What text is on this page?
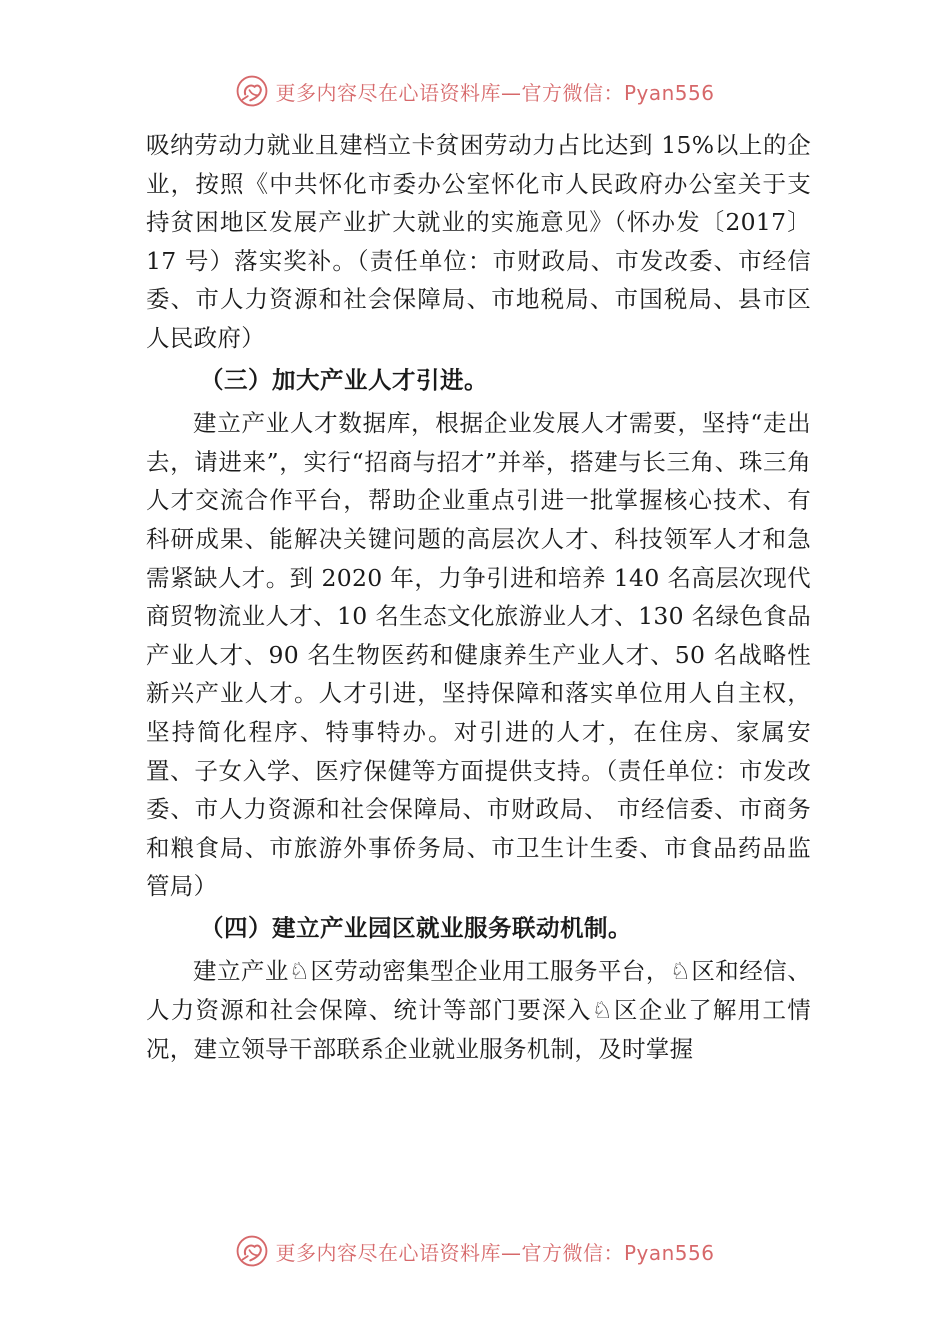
更多内容尽在心语资料库—官方微信：Pyan556

吸纳劳动力就业且建档立卡贫困劳动力占比达到 15%以上的企业，按照《中共怀化市委办公室怀化市人民政府办公室关于支持贫困地区发展产业扩大就业的实施意见》（怀办发〔2017〕17 号）落实奖补。（责任单位：市财政局、市发改委、市经信委、市人力资源和社会保障局、市地税局、市国税局、县市区人民政府）

（三）加大产业人才引进。

建立产业人才数据库，根据企业发展人才需要，坚持“走出去，请进来”，实行“招商与招才”并举，搭建与长三角、珠三角人才交流合作平台，帮助企业重点引进一批掌握核心技术、有科研成果、能解决关键问题的高层次人才、科技领军人才和急需紧缺人才。到 2020 年，力争引进和培养 140 名高层次现代商贸物流业人才、10 名生态文化旅游业人才、130 名绿色食品产业人才、90 名生物医药和健康养生产业人才、50 名战略性新兴产业人才。人才引进，坚持保障和落实单位用人自主权，坚持简化程序、特事特办。对引进的人才，在住房、家属安置、子女入学、医疗保健等方面提供支持。（责任单位：市发改委、市人力资源和社会保障局、市财政局、 市经信委、市商务和粮食局、市旅游外事侨务局、市卫生计生委、市食品药品监管局）

（四）建立产业园区就业服务联动机制。

建立产业♘区劳动密集型企业用工服务平台，♘区和经信、人力资源和社会保障、统计等部门要深入♘区企业了解用工情况，建立领导干部联系企业就业服务机制，及时掌握

更多内容尽在心语资料库—官方微信：Pyan556
